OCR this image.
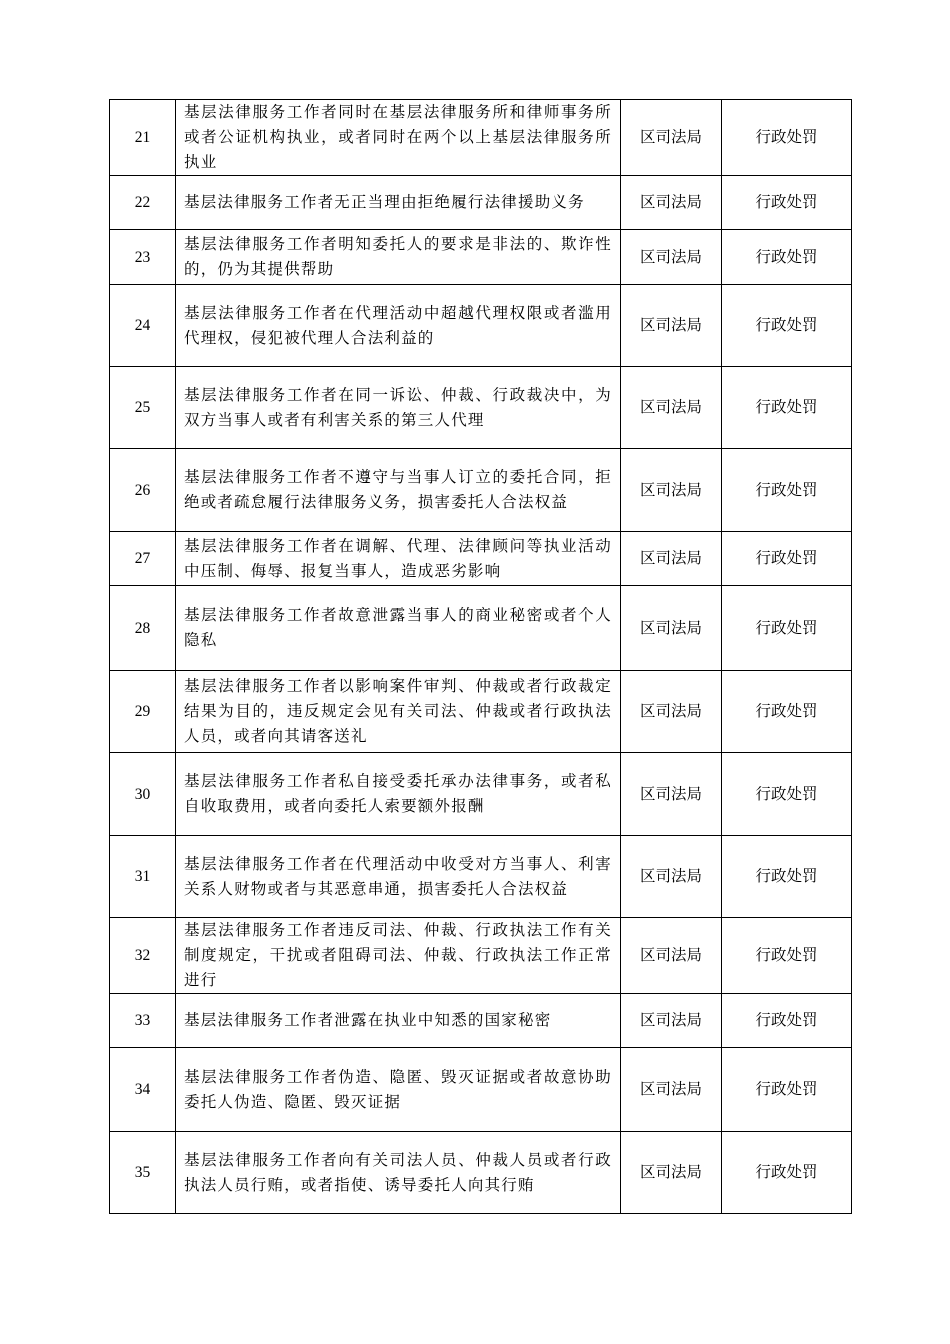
21	基层法律服务工作者同时在基层法律服务所和律师事务所或者公证机构执业，或者同时在两个以上基层法律服务所执业	区司法局	行政处罚
22	基层法律服务工作者无正当理由拒绝履行法律援助义务	区司法局	行政处罚
23	基层法律服务工作者明知委托人的要求是非法的、欺诈性的，仍为其提供帮助	区司法局	行政处罚
24	基层法律服务工作者在代理活动中超越代理权限或者滥用代理权，侵犯被代理人合法利益的	区司法局	行政处罚
25	基层法律服务工作者在同一诉讼、仲裁、行政裁决中，为双方当事人或者有利害关系的第三人代理	区司法局	行政处罚
26	基层法律服务工作者不遵守与当事人订立的委托合同，拒绝或者疏怠履行法律服务义务，损害委托人合法权益	区司法局	行政处罚
27	基层法律服务工作者在调解、代理、法律顾问等执业活动中压制、侮辱、报复当事人，造成恶劣影响	区司法局	行政处罚
28	基层法律服务工作者故意泄露当事人的商业秘密或者个人隐私	区司法局	行政处罚
29	基层法律服务工作者以影响案件审判、仲裁或者行政裁定结果为目的，违反规定会见有关司法、仲裁或者行政执法人员，或者向其请客送礼	区司法局	行政处罚
30	基层法律服务工作者私自接受委托承办法律事务，或者私自收取费用，或者向委托人索要额外报酬	区司法局	行政处罚
31	基层法律服务工作者在代理活动中收受对方当事人、利害关系人财物或者与其恶意串通，损害委托人合法权益	区司法局	行政处罚
32	基层法律服务工作者违反司法、仲裁、行政执法工作有关制度规定，干扰或者阻碍司法、仲裁、行政执法工作正常进行	区司法局	行政处罚
33	基层法律服务工作者泄露在执业中知悉的国家秘密	区司法局	行政处罚
34	基层法律服务工作者伪造、隐匿、毁灭证据或者故意协助委托人伪造、隐匿、毁灭证据	区司法局	行政处罚
35	基层法律服务工作者向有关司法人员、仲裁人员或者行政执法人员行贿，或者指使、诱导委托人向其行贿	区司法局	行政处罚
